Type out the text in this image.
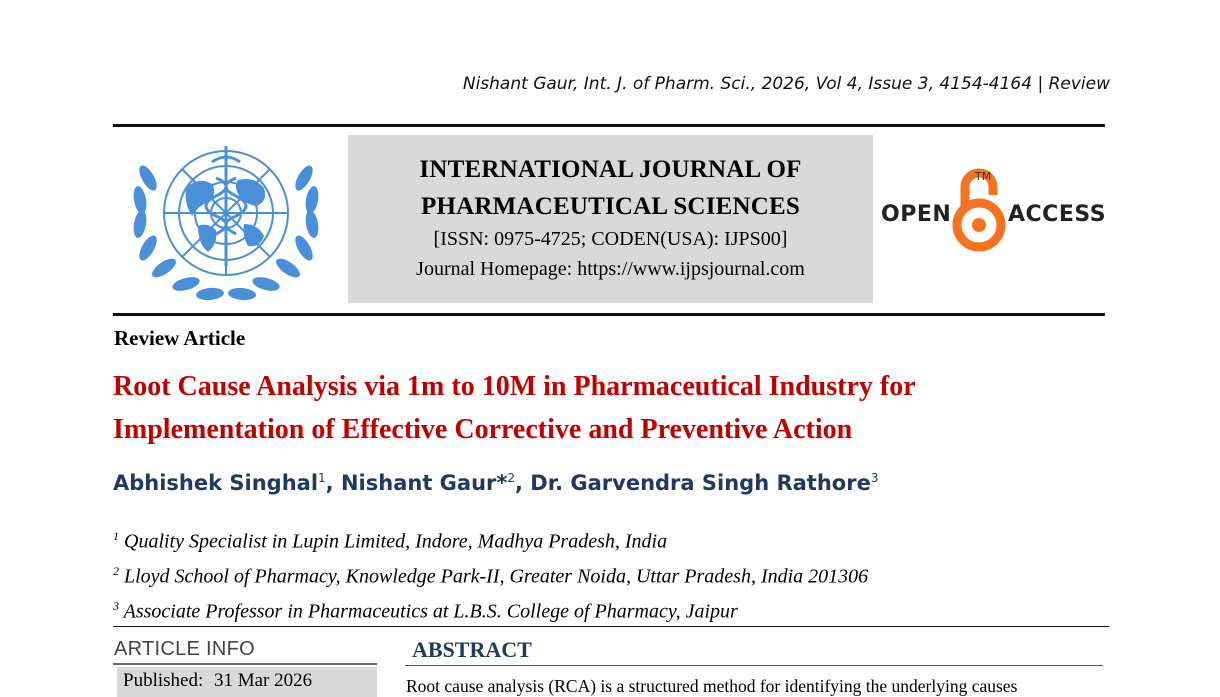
Nishant Gaur, Int. J. of Pharm. Sci., 2026, Vol 4, Issue 3, 4154-4164 | Review
INTERNATIONAL JOURNAL OF
PHARMACEUTICAL SCIENCES
[ISSN: 0975-4725; CODEN(USA): IJPS00]
Journal Homepage: https://www.ijpsjournal.com
OPEN
TM
ACCESS
Review Article
Root Cause Analysis via 1m to 10M in Pharmaceutical Industry for Implementation of Effective Corrective and Preventive Action
Abhishek Singhal$^1$, Nishant Gaur*$^2$, Dr. Garvendra Singh Rathore$^3$
$^1$ Quality Specialist in Lupin Limited, Indore, Madhya Pradesh, India
$^2$ Lloyd School of Pharmacy, Knowledge Park-II, Greater Noida, Uttar Pradesh, India 201306
$^3$ Associate Professor in Pharmaceutics at L.B.S. College of Pharmacy, Jaipur
ARTICLE INFO
Published: 31 Mar 2026
ABSTRACT
Root cause analysis (RCA) is a structured method for identifying the underlying causes
